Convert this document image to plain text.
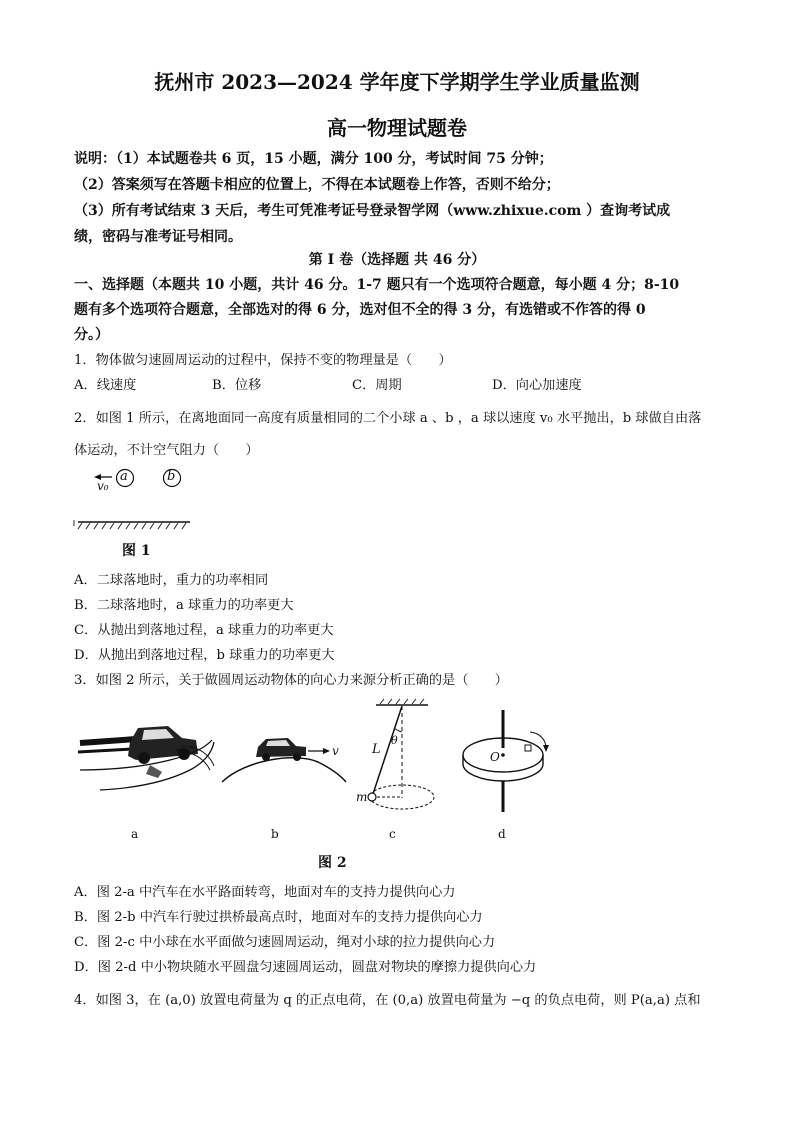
抚州市 2023—2024 学年度下学期学生学业质量监测
高一物理试题卷
说明：（1）本试题卷共 6 页，15 小题，满分 100 分，考试时间 75 分钟；
（2）答案须写在答题卡相应的位置上，不得在本试题卷上作答，否则不给分；
（3）所有考试结束 3 天后，考生可凭准考证号登录智学网（www.zhixue.com ）查询考试成
绩，密码与准考证号相同。
第 I 卷（选择题 共 46 分）
一、选择题（本题共 10 小题，共计 46 分。1-7 题只有一个选项符合题意，每小题 4 分；8-10
题有多个选项符合题意，全部选对的得 6 分，选对但不全的得 3 分，有选错或不作答的得 0
分。）
1．物体做匀速圆周运动的过程中，保持不变的物理量是（　　）
A．线速度	B．位移	C．周期	D．向心加速度
2．如图 1 所示，在离地面同一高度有质量相同的二个小球 a 、b ，a 球以速度 v₀ 水平抛出，b 球做自由落
体运动，不计空气阻力（　　）
v₀
a	b
图 1
A．二球落地时，重力的功率相同
B．二球落地时，a 球重力的功率更大
C．从抛出到落地过程，a 球重力的功率更大
D．从抛出到落地过程，b 球重力的功率更大
3．如图 2 所示，关于做圆周运动物体的向心力来源分析正确的是（　　）
v	L
θ
m
O
a	b	c	d
图 2
A．图 2-a 中汽车在水平路面转弯，地面对车的支持力提供向心力
B．图 2-b 中汽车行驶过拱桥最高点时，地面对车的支持力提供向心力
C．图 2-c 中小球在水平面做匀速圆周运动，绳对小球的拉力提供向心力
D．图 2-d 中小物块随水平圆盘匀速圆周运动，圆盘对物块的摩擦力提供向心力
4．如图 3，在 (a,0) 放置电荷量为 q 的正点电荷，在 (0,a) 放置电荷量为 −q 的负点电荷，则 P(a,a) 点和
